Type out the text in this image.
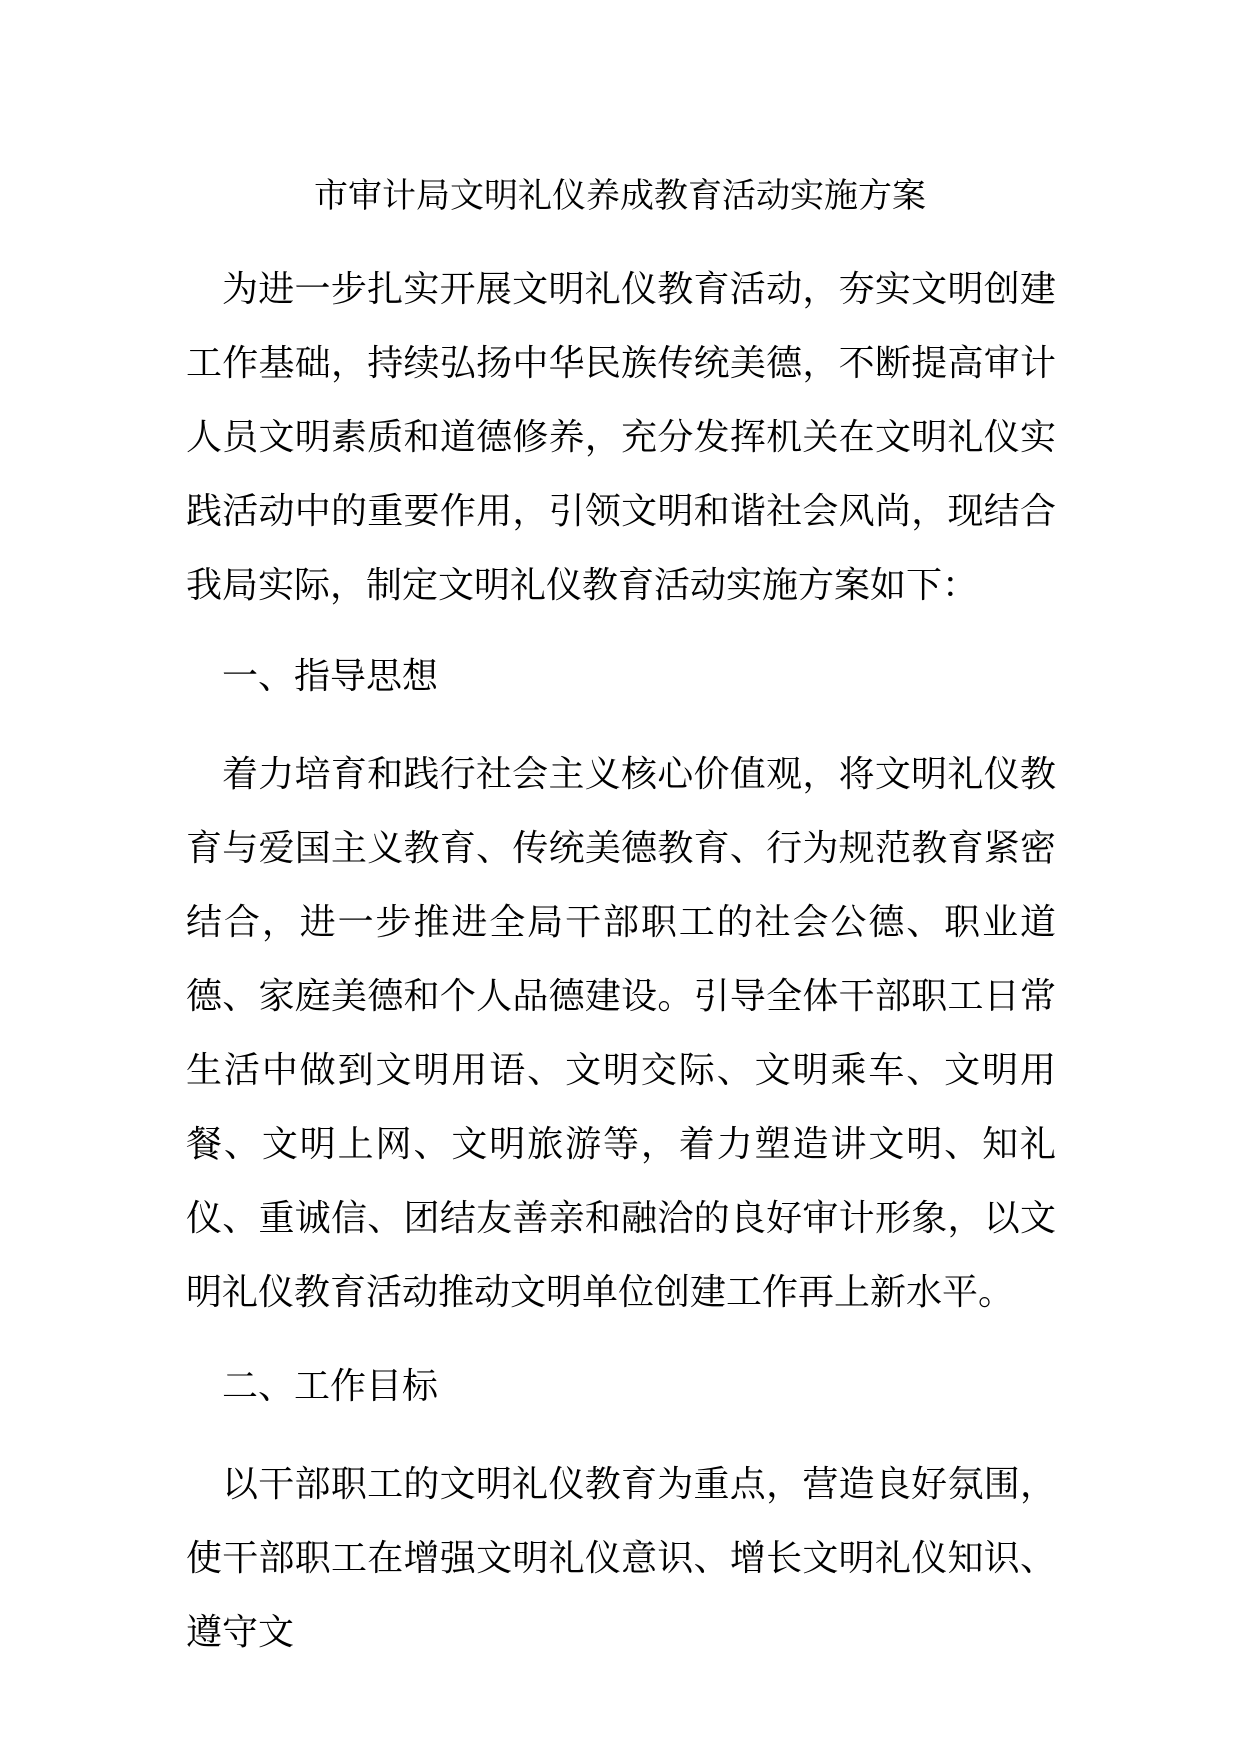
市审计局文明礼仪养成教育活动实施方案

为进一步扎实开展文明礼仪教育活动，夯实文明创建工作基础，持续弘扬中华民族传统美德，不断提高审计人员文明素质和道德修养，充分发挥机关在文明礼仪实践活动中的重要作用，引领文明和谐社会风尚，现结合我局实际，制定文明礼仪教育活动实施方案如下：

一、指导思想

着力培育和践行社会主义核心价值观，将文明礼仪教育与爱国主义教育、传统美德教育、行为规范教育紧密结合，进一步推进全局干部职工的社会公德、职业道德、家庭美德和个人品德建设。引导全体干部职工日常生活中做到文明用语、文明交际、文明乘车、文明用餐、文明上网、文明旅游等，着力塑造讲文明、知礼仪、重诚信、团结友善亲和融洽的良好审计形象，以文明礼仪教育活动推动文明单位创建工作再上新水平。

二、工作目标

以干部职工的文明礼仪教育为重点，营造良好氛围，使干部职工在增强文明礼仪意识、增长文明礼仪知识、遵守文
